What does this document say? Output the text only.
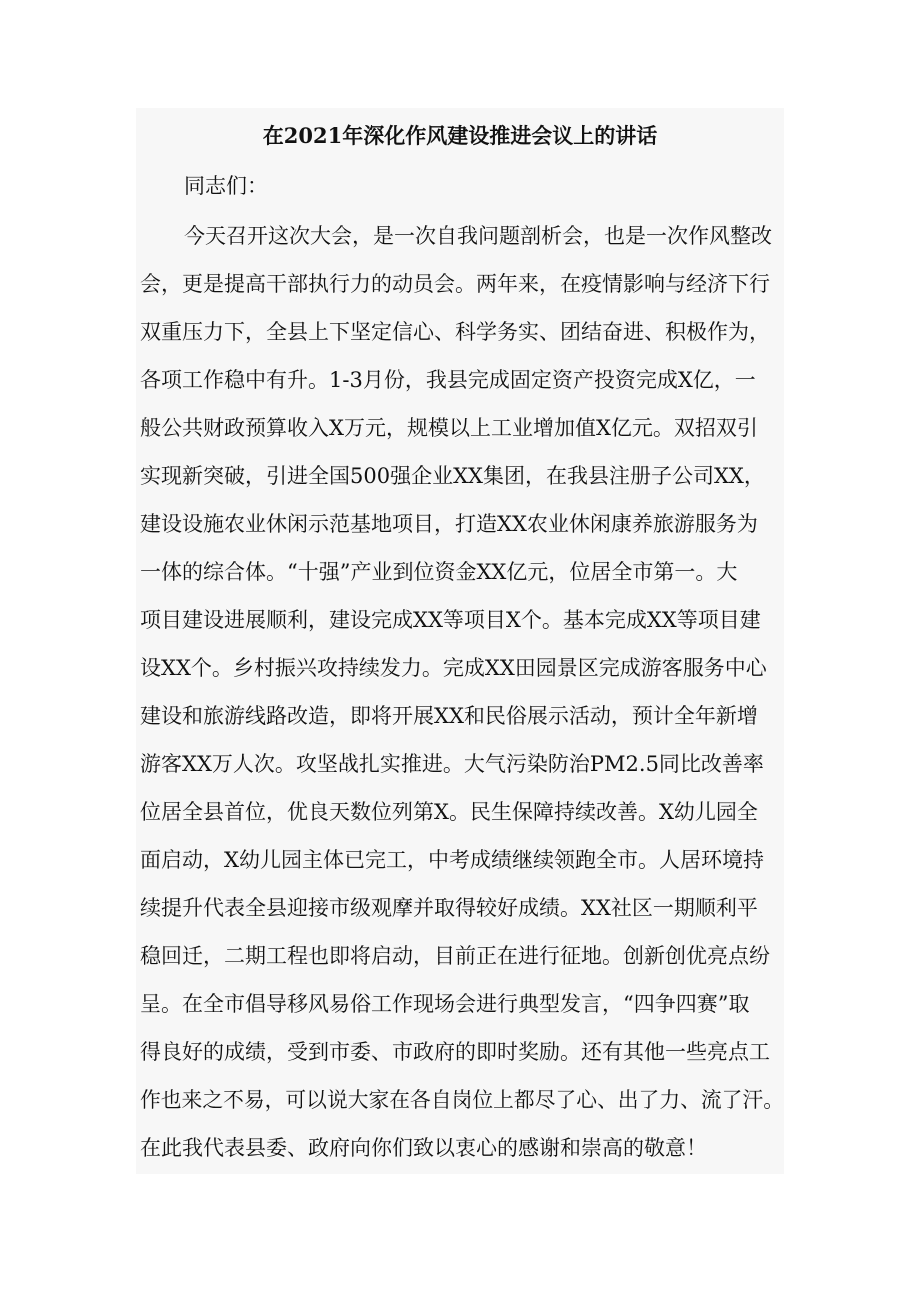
在2021年深化作风建设推进会议上的讲话
同志们：
今天召开这次大会，是一次自我问题剖析会，也是一次作风整改
会，更是提高干部执行力的动员会。两年来，在疫情影响与经济下行
双重压力下，全县上下坚定信心、科学务实、团结奋进、积极作为，
各项工作稳中有升。1-3月份，我县完成固定资产投资完成X亿，一
般公共财政预算收入X万元，规模以上工业增加值X亿元。双招双引
实现新突破，引进全国500强企业XX集团，在我县注册子公司XX，
建设设施农业休闲示范基地项目，打造XX农业休闲康养旅游服务为
一体的综合体。“十强”产业到位资金XX亿元，位居全市第一。大
项目建设进展顺利，建设完成XX等项目X个。基本完成XX等项目建
设XX个。乡村振兴攻持续发力。完成XX田园景区完成游客服务中心
建设和旅游线路改造，即将开展XX和民俗展示活动，预计全年新增
游客XX万人次。攻坚战扎实推进。大气污染防治PM2.5同比改善率
位居全县首位，优良天数位列第X。民生保障持续改善。X幼儿园全
面启动，X幼儿园主体已完工，中考成绩继续领跑全市。人居环境持
续提升代表全县迎接市级观摩并取得较好成绩。XX社区一期顺利平
稳回迁，二期工程也即将启动，目前正在进行征地。创新创优亮点纷
呈。在全市倡导移风易俗工作现场会进行典型发言，“四争四赛”取
得良好的成绩，受到市委、市政府的即时奖励。还有其他一些亮点工
作也来之不易，可以说大家在各自岗位上都尽了心、出了力、流了汗。
在此我代表县委、政府向你们致以衷心的感谢和崇高的敬意！
